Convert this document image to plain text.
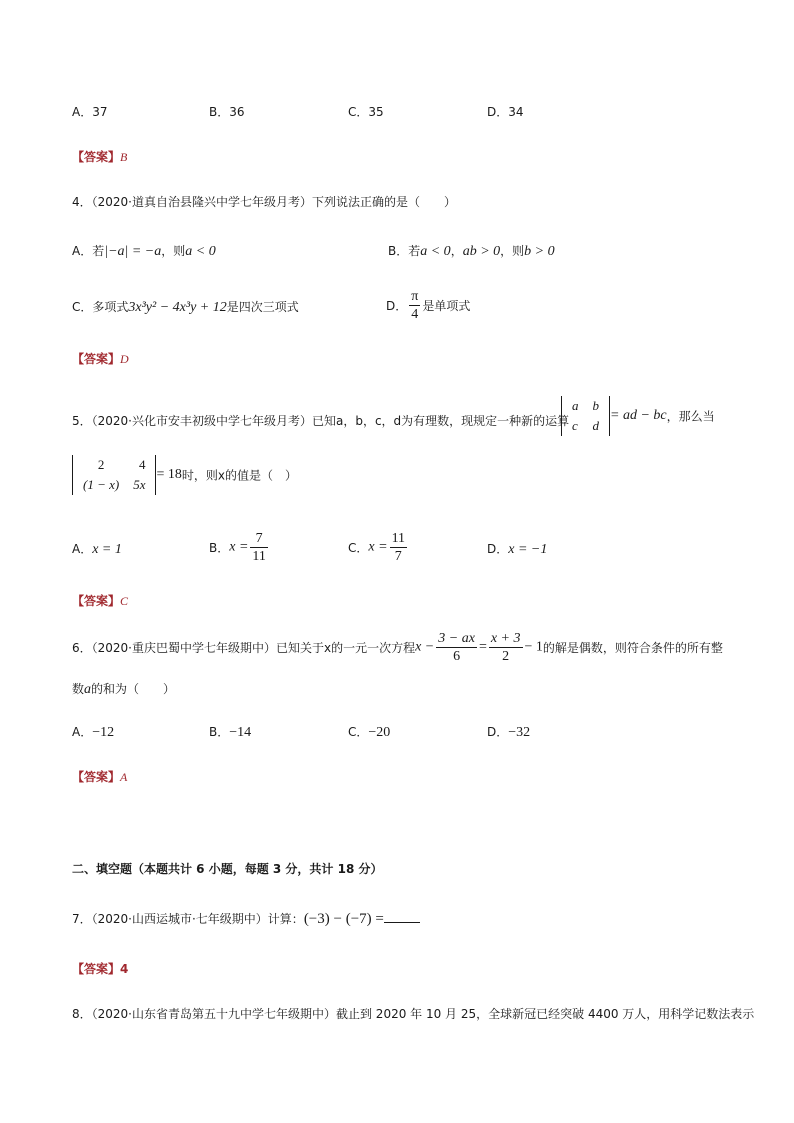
A．37	B．36	C．35	D．34
【答案】B
4．（2020·道真自治县隆兴中学七年级月考）下列说法正确的是（　　）
A．若|−a| = −a，则a < 0	B．若a < 0，ab > 0，则b > 0
C．多项式3x³y² − 4x³y + 12是四次三项式	D． $\frac{\pi}{4}$ 是单项式
【答案】D
5．（2020·兴化市安丰初级中学七年级月考）已知a，b，c，d为有理数，现规定一种新的运算
a	b
c	d
= ad − bc，那么当
2	4
(1 − x)	5x
= 18时，则x的值是（　）
A．x = 1	B．$x = \frac{7}{11}$	C．$x = \frac{11}{7}$	D．x = −1
【答案】C
6．（2020·重庆巴蜀中学七年级期中）已知关于x的一元一次方程$x - \frac{3 - ax}{6} = \frac{x + 3}{2} - 1$的解是偶数，则符合条件的所有整
数a的和为（　　）
A．−12	B．−14	C．−20	D．−32
【答案】A
二、填空题（本题共计 6 小题，每题 3 分，共计 18 分）
7．（2020·山西运城市·七年级期中）计算：(−3) − (−7) =
【答案】4
8．（2020·山东省青岛第五十九中学七年级期中）截止到 2020 年 10 月 25，全球新冠已经突破 4400 万人，用科学记数法表示
